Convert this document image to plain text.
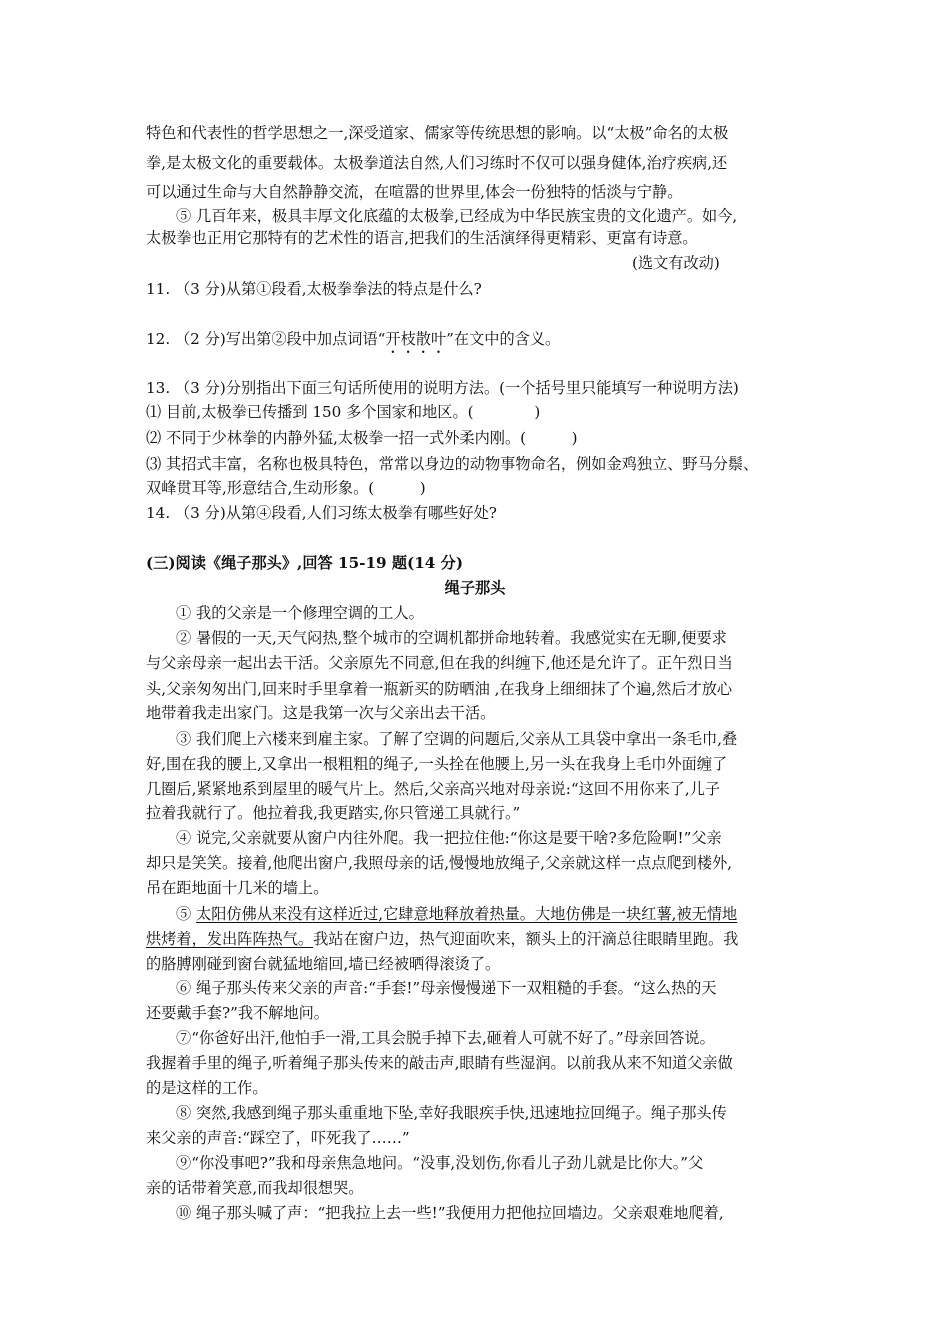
特色和代表性的哲学思想之一,深受道家、儒家等传统思想的影响。以“太极”命名的太极
拳,是太极文化的重要载体。太极拳道法自然,人们习练时不仅可以强身健体,治疗疾病,还
可以通过生命与大自然静静交流，在喧嚣的世界里,体会一份独特的恬淡与宁静。
⑤ 几百年来，极具丰厚文化底蕴的太极拳,已经成为中华民族宝贵的文化遗产。如今,
太极拳也正用它那特有的艺术性的语言,把我们的生活演绎得更精彩、更富有诗意。
(选文有改动)
11. （3 分)从第①段看,太极拳拳法的特点是什么?
12. （2 分)写出第②段中加点词语“开枝散叶”在文中的含义。
13. （3 分)分别指出下面三句话所使用的说明方法。(一个括号里只能填写一种说明方法)
⑴ 目前,太极拳已传播到 150 多个国家和地区。(　　　　)
⑵ 不同于少林拳的内静外猛,太极拳一招一式外柔内刚。(　　　)
⑶ 其招式丰富，名称也极具特色，常常以身边的动物事物命名，例如金鸡独立、野马分鬃、
双峰贯耳等,形意结合,生动形象。(　　　)
14. （3 分)从第④段看,人们习练太极拳有哪些好处?
(三)阅读《绳子那头》,回答 15-19 题(14 分)
绳子那头
① 我的父亲是一个修理空调的工人。
② 暑假的一天,天气闷热,整个城市的空调机都拼命地转着。我感觉实在无聊,便要求
与父亲母亲一起出去干活。父亲原先不同意,但在我的纠缠下,他还是允许了。正午烈日当
头,父亲匆匆出门,回来时手里拿着一瓶新买的防晒油 ,在我身上细细抹了个遍,然后才放心
地带着我走出家门。这是我第一次与父亲出去干活。
③ 我们爬上六楼来到雇主家。了解了空调的问题后,父亲从工具袋中拿出一条毛巾,叠
好,围在我的腰上,又拿出一根粗粗的绳子,一头拴在他腰上,另一头在我身上毛巾外面缠了
几圈后,紧紧地系到屋里的暖气片上。然后,父亲高兴地对母亲说:“这回不用你来了,儿子
拉着我就行了。他拉着我,我更踏实,你只管递工具就行。”
④ 说完,父亲就要从窗户内往外爬。我一把拉住他:“你这是要干啥?多危险啊!”父亲
却只是笑笑。接着,他爬出窗户,我照母亲的话,慢慢地放绳子,父亲就这样一点点爬到楼外,
吊在距地面十几米的墙上。
⑤ 太阳仿佛从来没有这样近过,它肆意地释放着热量。大地仿佛是一块红薯,被无情地
烘烤着，发出阵阵热气。我站在窗户边，热气迎面吹来，额头上的汗滴总往眼睛里跑。我
的胳膊刚碰到窗台就猛地缩回,墙已经被晒得滚烫了。
⑥ 绳子那头传来父亲的声音:“手套!”母亲慢慢递下一双粗糙的手套。“这么热的天
还要戴手套?”我不解地问。
⑦“你爸好出汗,他怕手一滑,工具会脱手掉下去,砸着人可就不好了。”母亲回答说。
我握着手里的绳子,听着绳子那头传来的敲击声,眼睛有些湿润。以前我从来不知道父亲做
的是这样的工作。
⑧ 突然,我感到绳子那头重重地下坠,幸好我眼疾手快,迅速地拉回绳子。绳子那头传
来父亲的声音:“踩空了，吓死我了……”
⑨“你没事吧?”我和母亲焦急地问。“没事,没划伤,你看儿子劲儿就是比你大。”父
亲的话带着笑意,而我却很想哭。
⑩ 绳子那头喊了声：“把我拉上去一些!”我便用力把他拉回墙边。父亲艰难地爬着,
